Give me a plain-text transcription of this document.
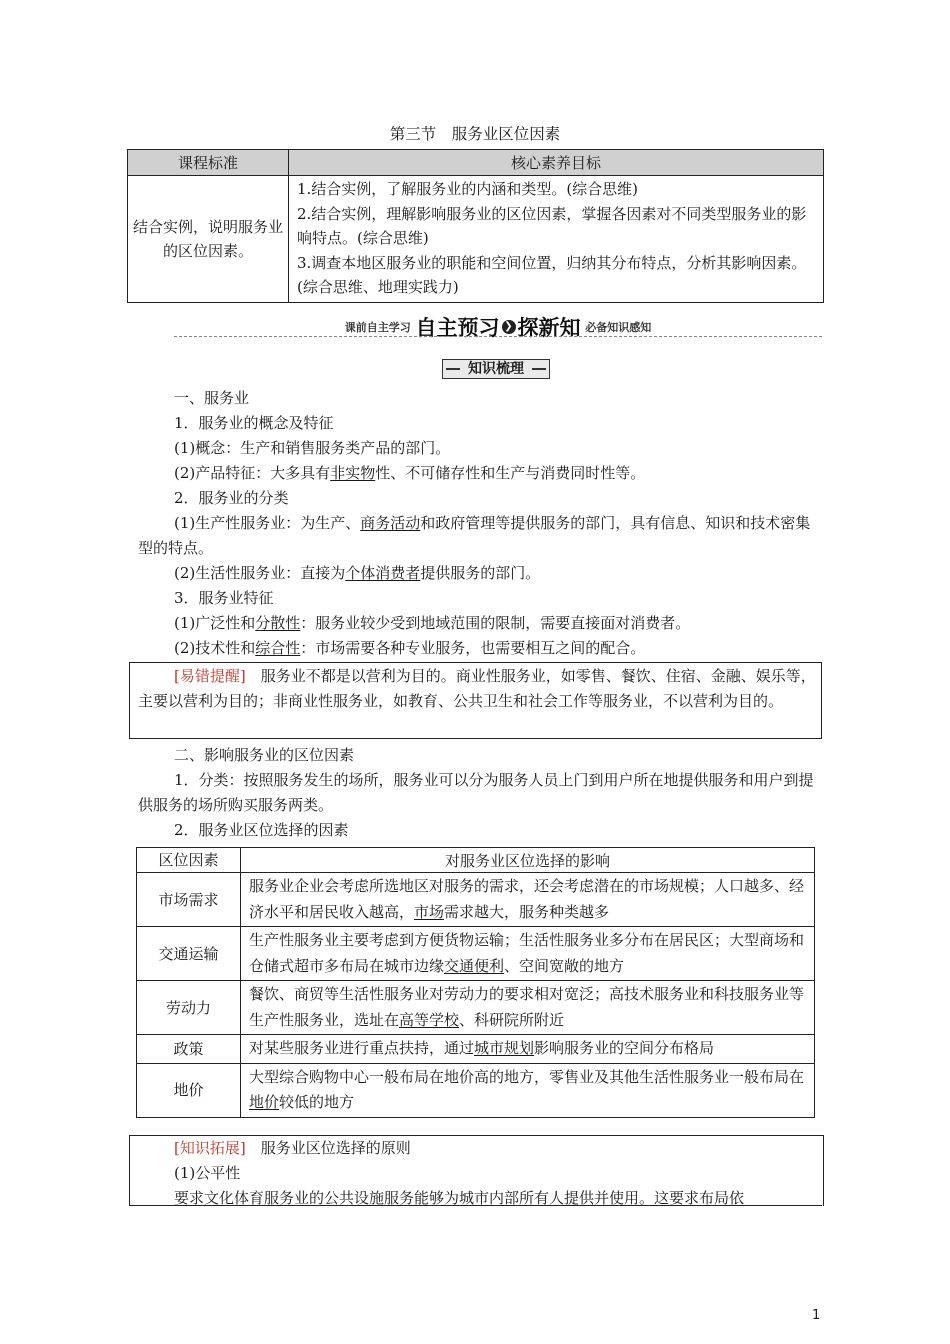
第三节　服务业区位因素
课程标准	核心素养目标
结合实例，说明服务业的区位因素。	1.结合实例，了解服务业的内涵和类型。(综合思维)
2.结合实例，理解影响服务业的区位因素，掌握各因素对不同类型服务业的影响特点。(综合思维)
3.调查本地区服务业的职能和空间位置，归纳其分布特点，分析其影响因素。(综合思维、地理实践力)
课前自主学习 自主预习 ❯ 探新知 必备知识感知
知识梳理
一、服务业
1．服务业的概念及特征
(1)概念：生产和销售服务类产品的部门。
(2)产品特征：大多具有非实物性、不可储存性和生产与消费同时性等。
2．服务业的分类
(1)生产性服务业：为生产、商务活动和政府管理等提供服务的部门，具有信息、知识和技术密集型的特点。
(2)生活性服务业：直接为个体消费者提供服务的部门。
3．服务业特征
(1)广泛性和分散性：服务业较少受到地域范围的限制，需要直接面对消费者。
(2)技术性和综合性：市场需要各种专业服务，也需要相互之间的配合。
[易错提醒]　服务业不都是以营利为目的。商业性服务业，如零售、餐饮、住宿、金融、娱乐等，主要以营利为目的；非商业性服务业，如教育、公共卫生和社会工作等服务业，不以营利为目的。
二、影响服务业的区位因素
1．分类：按照服务发生的场所，服务业可以分为服务人员上门到用户所在地提供服务和用户到提供服务的场所购买服务两类。
2．服务业区位选择的因素
区位因素	对服务业区位选择的影响
市场需求	服务业企业会考虑所选地区对服务的需求，还会考虑潜在的市场规模；人口越多、经济水平和居民收入越高，市场需求越大，服务种类越多
交通运输	生产性服务业主要考虑到方便货物运输；生活性服务业多分布在居民区；大型商场和仓储式超市多布局在城市边缘交通便利、空间宽敞的地方
劳动力	餐饮、商贸等生活性服务业对劳动力的要求相对宽泛；高技术服务业和科技服务业等生产性服务业，选址在高等学校、科研院所附近
政策	对某些服务业进行重点扶持，通过城市规划影响服务业的空间分布格局
地价	大型综合购物中心一般布局在地价高的地方，零售业及其他生活性服务业一般布局在地价较低的地方
[知识拓展]　服务业区位选择的原则
(1)公平性
要求文化体育服务业的公共设施服务能够为城市内部所有人提供并使用。这要求布局依
1
